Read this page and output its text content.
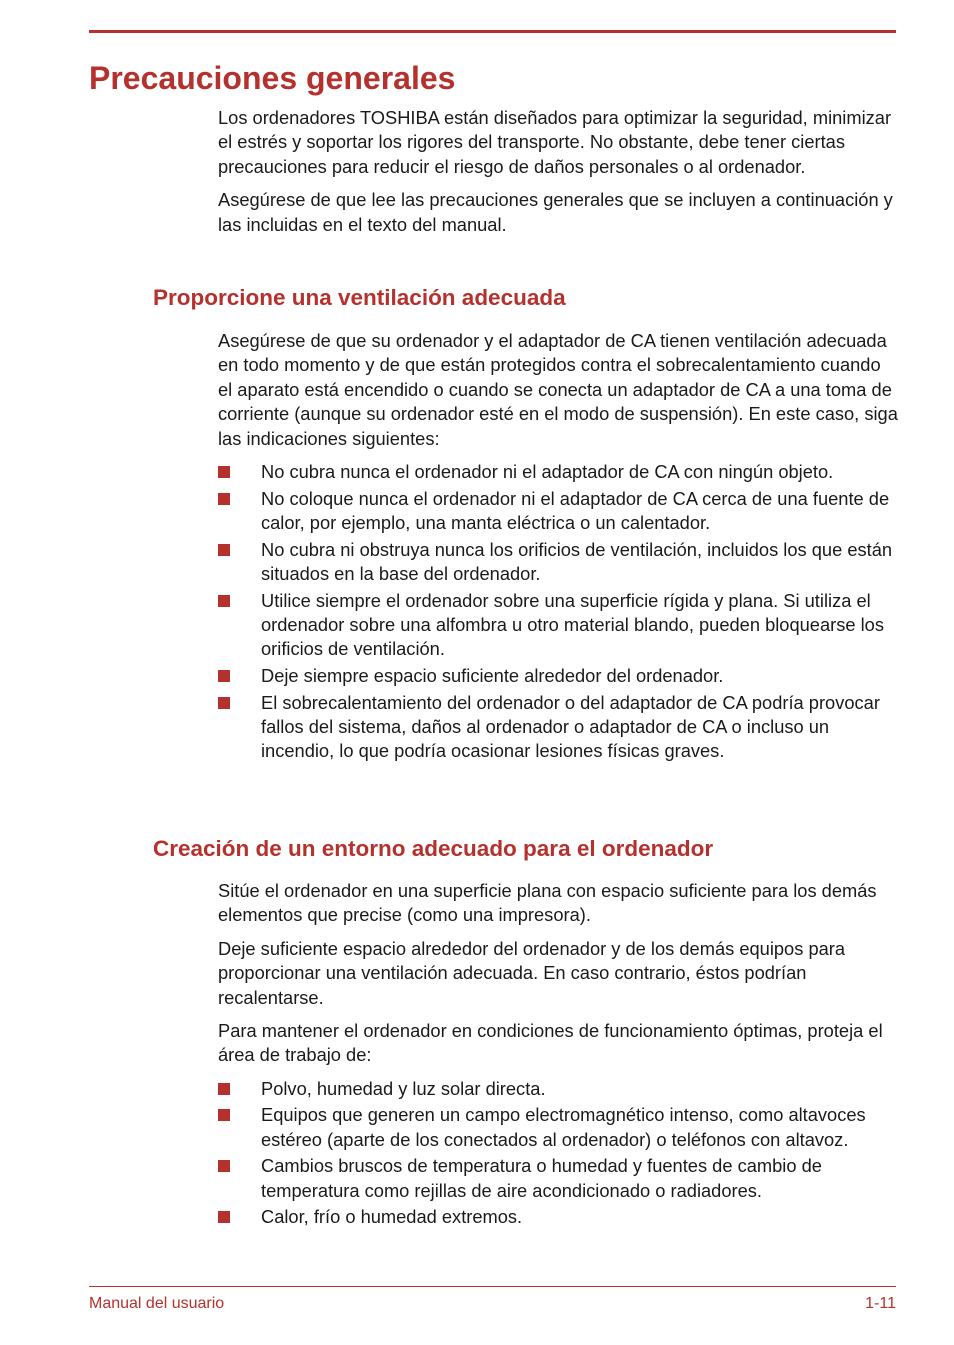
Precauciones generales

Los ordenadores TOSHIBA están diseñados para optimizar la seguridad, minimizar el estrés y soportar los rigores del transporte. No obstante, debe tener ciertas precauciones para reducir el riesgo de daños personales o al ordenador.

Asegúrese de que lee las precauciones generales que se incluyen a continuación y las incluidas en el texto del manual.

Proporcione una ventilación adecuada

Asegúrese de que su ordenador y el adaptador de CA tienen ventilación adecuada en todo momento y de que están protegidos contra el sobrecalentamiento cuando el aparato está encendido o cuando se conecta un adaptador de CA a una toma de corriente (aunque su ordenador esté en el modo de suspensión). En este caso, siga las indicaciones siguientes:

No cubra nunca el ordenador ni el adaptador de CA con ningún objeto.
No coloque nunca el ordenador ni el adaptador de CA cerca de una fuente de calor, por ejemplo, una manta eléctrica o un calentador.
No cubra ni obstruya nunca los orificios de ventilación, incluidos los que están situados en la base del ordenador.
Utilice siempre el ordenador sobre una superficie rígida y plana. Si utiliza el ordenador sobre una alfombra u otro material blando, pueden bloquearse los orificios de ventilación.
Deje siempre espacio suficiente alrededor del ordenador.
El sobrecalentamiento del ordenador o del adaptador de CA podría provocar fallos del sistema, daños al ordenador o adaptador de CA o incluso un incendio, lo que podría ocasionar lesiones físicas graves.
Creación de un entorno adecuado para el ordenador

Sitúe el ordenador en una superficie plana con espacio suficiente para los demás elementos que precise (como una impresora).

Deje suficiente espacio alrededor del ordenador y de los demás equipos para proporcionar una ventilación adecuada. En caso contrario, éstos podrían recalentarse.

Para mantener el ordenador en condiciones de funcionamiento óptimas, proteja el área de trabajo de:

Polvo, humedad y luz solar directa.
Equipos que generen un campo electromagnético intenso, como altavoces estéreo (aparte de los conectados al ordenador) o teléfonos con altavoz.
Cambios bruscos de temperatura o humedad y fuentes de cambio de temperatura como rejillas de aire acondicionado o radiadores.
Calor, frío o humedad extremos.
Manual del usuario	1-11
